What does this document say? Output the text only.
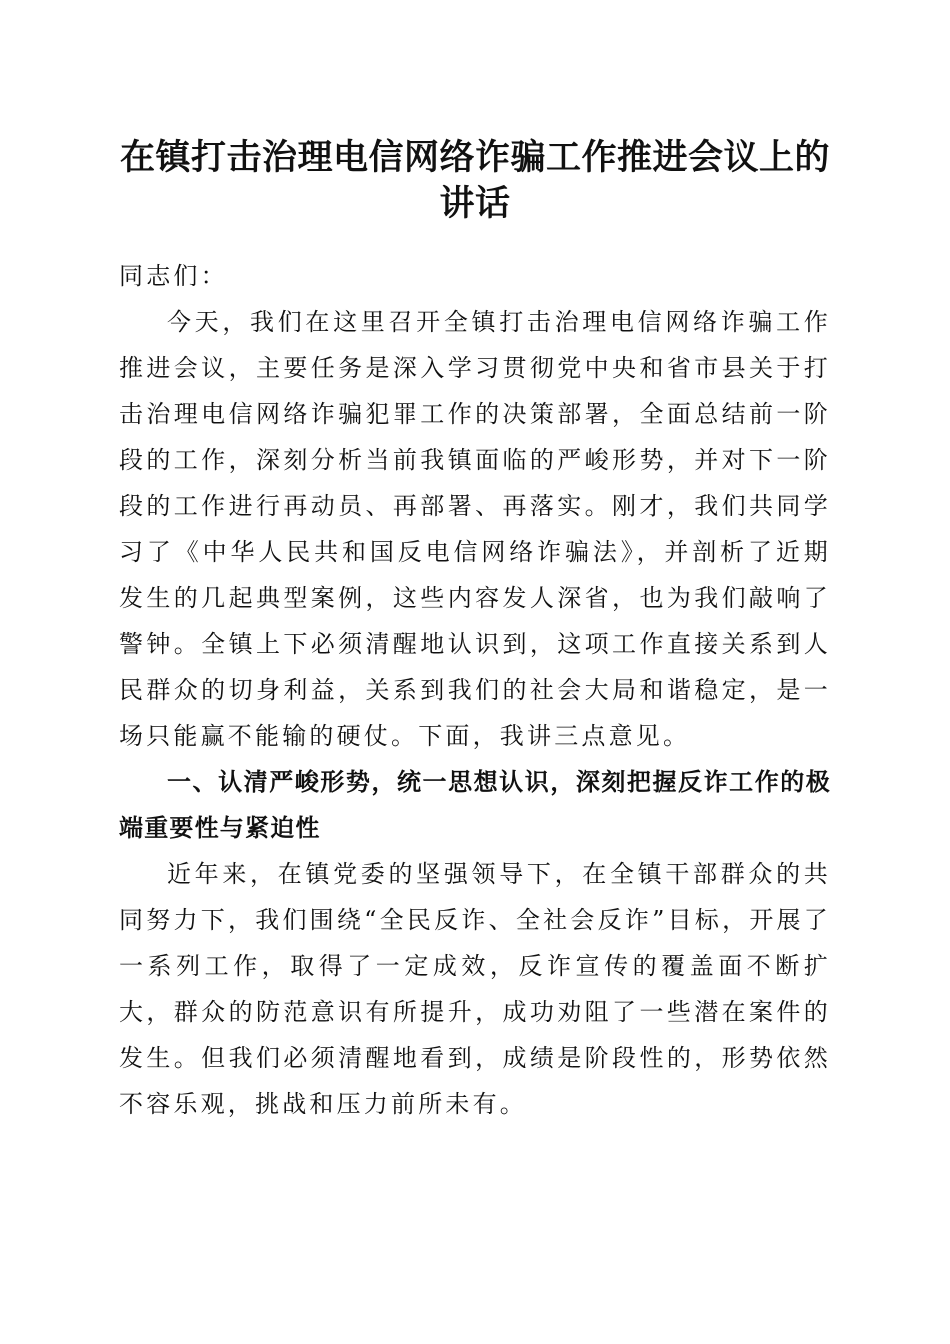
在镇打击治理电信网络诈骗工作推进会议上的讲话

同志们：

今天，我们在这里召开全镇打击治理电信网络诈骗工作推进会议，主要任务是深入学习贯彻党中央和省市县关于打击治理电信网络诈骗犯罪工作的决策部署，全面总结前一阶段的工作，深刻分析当前我镇面临的严峻形势，并对下一阶段的工作进行再动员、再部署、再落实。刚才，我们共同学习了《中华人民共和国反电信网络诈骗法》，并剖析了近期发生的几起典型案例，这些内容发人深省，也为我们敲响了警钟。全镇上下必须清醒地认识到，这项工作直接关系到人民群众的切身利益，关系到我们的社会大局和谐稳定，是一场只能赢不能输的硬仗。下面，我讲三点意见。

一、认清严峻形势，统一思想认识，深刻把握反诈工作的极端重要性与紧迫性

近年来，在镇党委的坚强领导下，在全镇干部群众的共同努力下，我们围绕“全民反诈、全社会反诈”目标，开展了一系列工作，取得了一定成效，反诈宣传的覆盖面不断扩大，群众的防范意识有所提升，成功劝阻了一些潜在案件的发生。但我们必须清醒地看到，成绩是阶段性的，形势依然不容乐观，挑战和压力前所未有。
